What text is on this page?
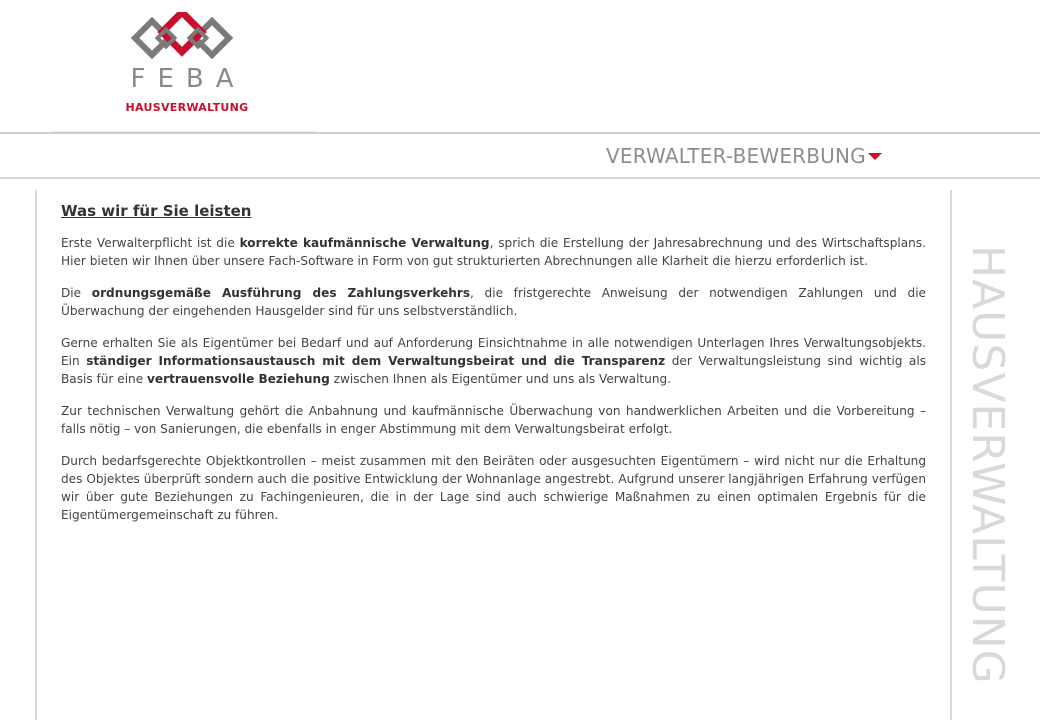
FEBA
HAUSVERWALTUNG
VERWALTER-BEWERBUNG
HAUSVERWALTUNG
Was wir für Sie leisten

Erste Verwalterpflicht ist die korrekte kaufmännische Verwaltung, sprich die Erstellung der Jahresabrechnung und des Wirtschaftsplans. Hier bieten wir Ihnen über unsere Fach-Software in Form von gut strukturierten Abrechnungen alle Klarheit die hierzu erforderlich ist.

Die ordnungsgemäße Ausführung des Zahlungsverkehrs, die fristgerechte Anweisung der notwendigen Zahlungen und die Überwachung der eingehenden Hausgelder sind für uns selbstverständlich.

Gerne erhalten Sie als Eigentümer bei Bedarf und auf Anforderung Einsichtnahme in alle notwendigen Unterlagen Ihres Verwaltungsobjekts. Ein ständiger Informationsaustausch mit dem Verwaltungsbeirat und die Transparenz der Verwaltungsleistung sind wichtig als Basis für eine vertrauensvolle Beziehung zwischen Ihnen als Eigentümer und uns als Verwaltung.

Zur technischen Verwaltung gehört die Anbahnung und kaufmännische Überwachung von handwerklichen Arbeiten und die Vorbereitung – falls nötig – von Sanierungen, die ebenfalls in enger Abstimmung mit dem Verwaltungsbeirat erfolgt.

Durch bedarfsgerechte Objektkontrollen – meist zusammen mit den Beiräten oder ausgesuchten Eigentümern – wird nicht nur die Erhaltung des Objektes überprüft sondern auch die positive Entwicklung der Wohnanlage angestrebt. Aufgrund unserer langjährigen Erfahrung verfügen wir über gute Beziehungen zu Fachingenieuren, die in der Lage sind auch schwierige Maßnahmen zu einen optimalen Ergebnis für die Eigentümergemeinschaft zu führen.
